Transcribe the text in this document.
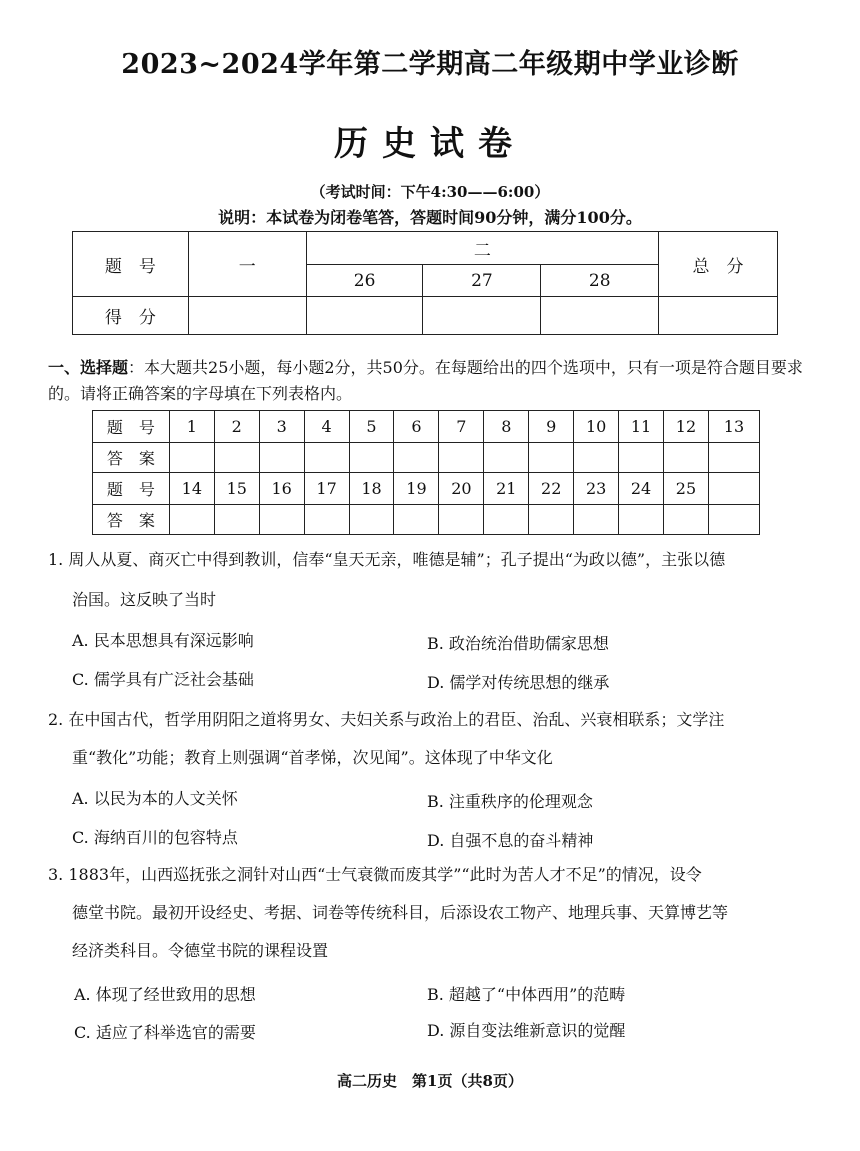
2023~2024学年第二学期高二年级期中学业诊断
历史试卷
（考试时间：下午4:30——6:00）
说明：本试卷为闭卷笔答，答题时间90分钟，满分100分。
题　号	一	二			总　分
		26	27	28	
得　分					
一、选择题：本大题共25小题，每小题2分，共50分。在每题给出的四个选项中，只有一项是符合题目要求的。请将正确答案的字母填在下列表格内。
题　号	1	2	3	4	5	6	7	8	9	10	11	12	13
答　案													
题　号	14	15	16	17	18	19	20	21	22	23	24	25	
答　案													
1. 周人从夏、商灭亡中得到教训，信奉“皇天无亲，唯德是辅”；孔子提出“为政以德”，主张以德
治国。这反映了当时
A. 民本思想具有深远影响	B. 政治统治借助儒家思想
C. 儒学具有广泛社会基础	D. 儒学对传统思想的继承
2. 在中国古代，哲学用阴阳之道将男女、夫妇关系与政治上的君臣、治乱、兴衰相联系；文学注
重“教化”功能；教育上则强调“首孝悌，次见闻”。这体现了中华文化
A. 以民为本的人文关怀	B. 注重秩序的伦理观念
C. 海纳百川的包容特点	D. 自强不息的奋斗精神
3. 1883年，山西巡抚张之洞针对山西“士气衰微而废其学”“此时为苦人才不足”的情况，设令
德堂书院。最初开设经史、考据、词卷等传统科目，后添设农工物产、地理兵事、天算博艺等
经济类科目。令德堂书院的课程设置
A. 体现了经世致用的思想	B. 超越了“中体西用”的范畴
C. 适应了科举选官的需要	D. 源自变法维新意识的觉醒
高二历史　第1页（共8页）
